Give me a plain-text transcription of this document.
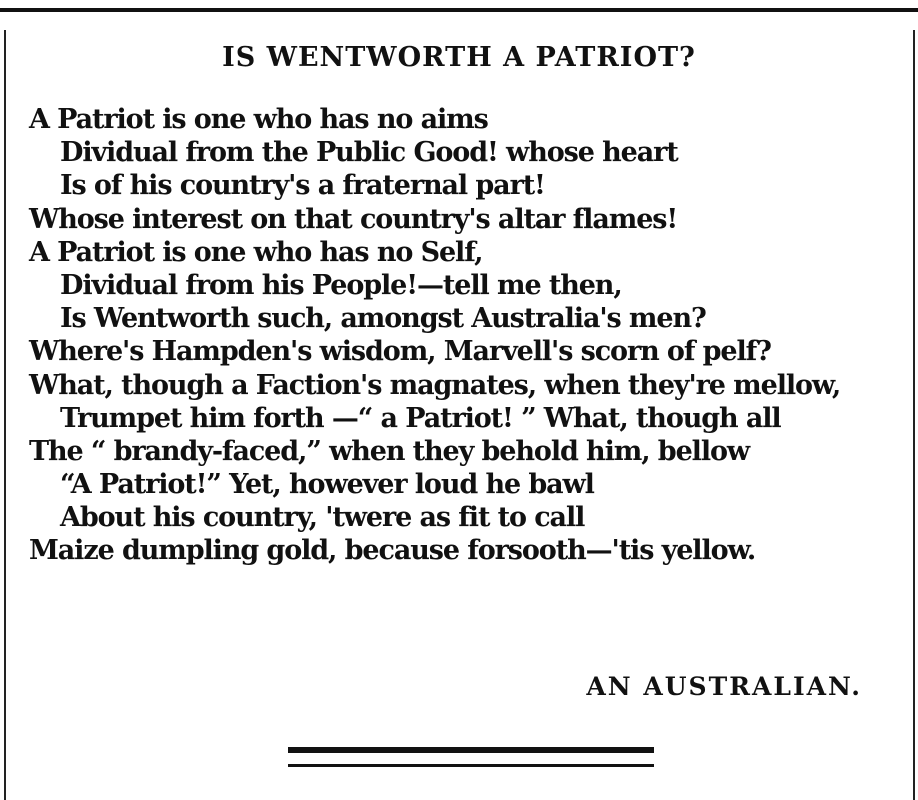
IS WENTWORTH A PATRIOT?
A Patriot is one who has no aims
Dividual from the Public Good! whose heart
Is of his country's a fraternal part!
Whose interest on that country's altar flames!
A Patriot is one who has no Self,
Dividual from his People!—tell me then,
Is Wentworth such, amongst Australia's men?
Where's Hampden's wisdom, Marvell's scorn of pelf?
What, though a Faction's magnates, when they're mellow,
Trumpet him forth —“ a Patriot! ” What, though all
The “ brandy-faced,” when they behold him, bellow
“A Patriot!” Yet, however loud he bawl
About his country, 'twere as fit to call
Maize dumpling gold, because forsooth—'tis yellow.

AN AUSTRALIAN.
